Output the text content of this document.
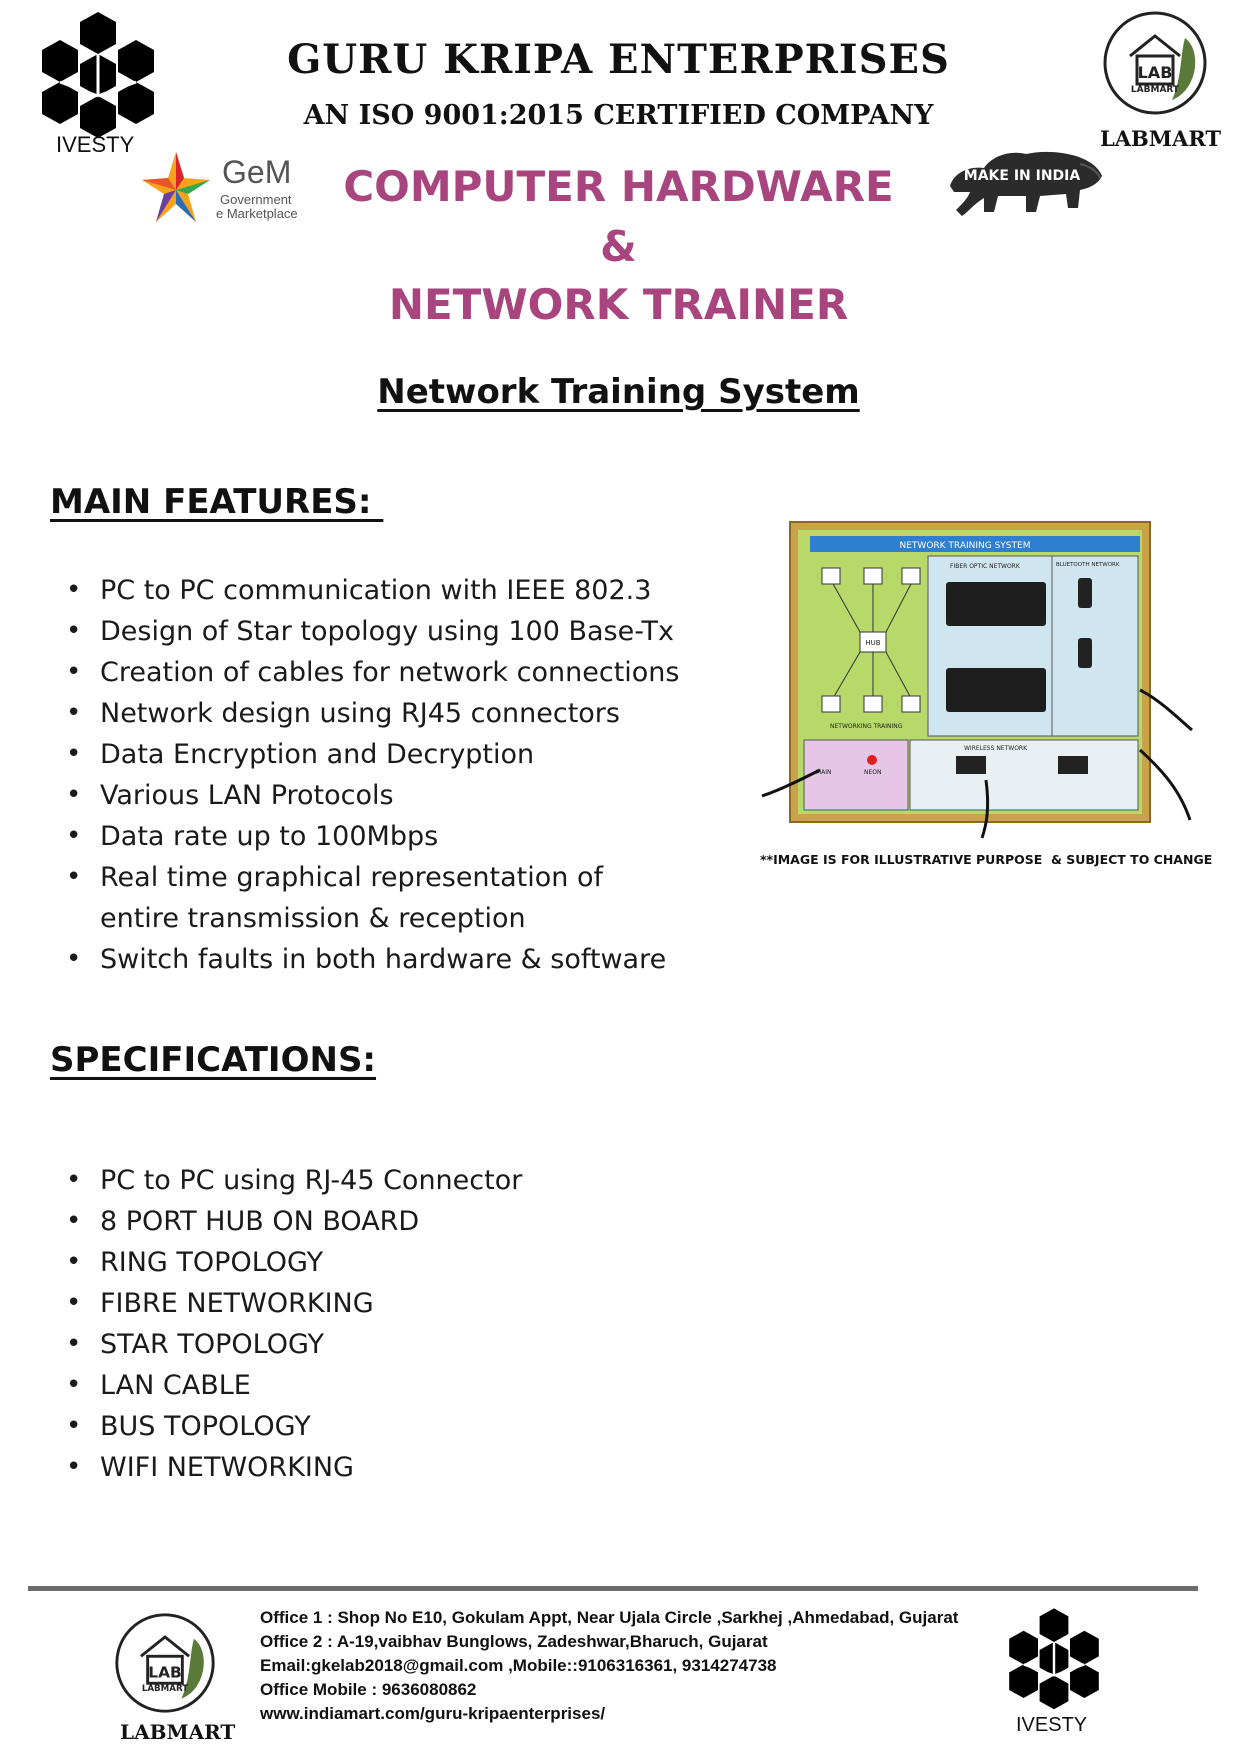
IVESTY
GeM
Government
e Marketplace
LAB
LABMART
LABMART
MAKE IN INDIA
GURU KRIPA ENTERPRISES
AN ISO 9001:2015 CERTIFIED COMPANY
COMPUTER HARDWARE
&
NETWORK TRAINER
Network Training System
MAIN FEATURES:
• PC to PC communication with IEEE 802.3
• Design of Star topology using 100 Base-Tx
• Creation of cables for network connections
• Network design using RJ45 connectors
• Data Encryption and Decryption
• Various LAN Protocols
• Data rate up to 100Mbps
• Real time graphical representation of entire transmission & reception
• Switch faults in both hardware & software
NETWORK TRAINING SYSTEM
FIBER OPTIC NETWORK	BLUETOOTH NETWORK
HUB
NETWORKING TRAINING
MAIN	NEON
WIRELESS NETWORK
**IMAGE IS FOR ILLUSTRATIVE PURPOSE  & SUBJECT TO CHANGE
SPECIFICATIONS:
• PC to PC using RJ-45 Connector
• 8 PORT HUB ON BOARD
• RING TOPOLOGY
• FIBRE NETWORKING
• STAR TOPOLOGY
• LAN CABLE
• BUS TOPOLOGY
• WIFI NETWORKING
LAB
LABMART
LABMART
Office 1 : Shop No E10, Gokulam Appt, Near Ujala Circle ,Sarkhej ,Ahmedabad, Gujarat
Office 2 : A-19,vaibhav Bunglows, Zadeshwar,Bharuch, Gujarat
Email:gkelab2018@gmail.com ,Mobile::9106316361, 9314274738
Office Mobile : 9636080862
www.indiamart.com/guru-kripaenterprises/
IVESTY
